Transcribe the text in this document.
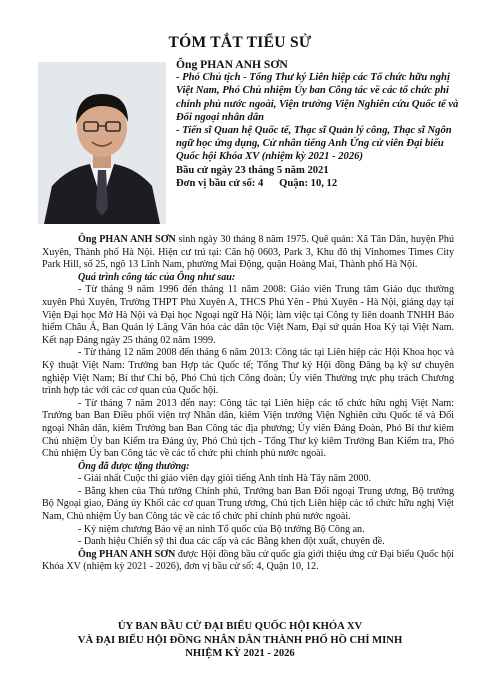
TÓM TẮT TIỂU SỬ
Ông PHAN ANH SƠN
- Phó Chủ tịch - Tổng Thư ký Liên hiệp các Tổ chức hữu nghị Việt Nam, Phó Chủ nhiệm Ủy ban Công tác về các tổ chức phi chính phủ nước ngoài, Viện trưởng Viện Nghiên cứu Quốc tế và Đối ngoại nhân dân
- Tiến sĩ Quan hệ Quốc tế, Thạc sĩ Quản lý công, Thạc sĩ Ngôn ngữ học ứng dụng, Cử nhân tiếng Anh Ứng cử viên Đại biểu Quốc hội Khóa XV (nhiệm kỳ 2021 - 2026)
Bầu cử ngày 23 tháng 5 năm 2021
Đơn vị bầu cử số: 4      Quận: 10, 12

Ông PHAN ANH SƠN sinh ngày 30 tháng 8 năm 1975. Quê quán: Xã Tân Dân, huyện Phú Xuyên, Thành phố Hà Nội. Hiện cư trú tại: Căn hộ 0603, Park 3, Khu đô thị Vinhomes Times City Park Hill, số 25, ngõ 13 Lĩnh Nam, phường Mai Động, quận Hoàng Mai, Thành phố Hà Nội.

Quá trình công tác của Ông như sau:

- Từ tháng 9 năm 1996 đến tháng 11 năm 2008: Giáo viên Trung tâm Giáo dục thường xuyên Phú Xuyên, Trường THPT Phú Xuyên A, THCS Phú Yên - Phú Xuyên - Hà Nội, giảng dạy tại Viện Đại học Mở Hà Nội và Đại học Ngoại ngữ Hà Nội; làm việc tại Công ty liên doanh TNHH Bảo hiểm Châu Á, Ban Quản lý Lăng Văn hóa các dân tộc Việt Nam, Đại sứ quán Hoa Kỳ tại Việt Nam. Kết nạp Đảng ngày 25 tháng 02 năm 1999.

- Từ tháng 12 năm 2008 đến tháng 6 năm 2013: Công tác tại Liên hiệp các Hội Khoa học và Kỹ thuật Việt Nam: Trưởng ban Hợp tác Quốc tế; Tổng Thư ký Hội đồng Đăng bạ kỹ sư chuyên nghiệp Việt Nam; Bí thư Chi bộ, Phó Chủ tịch Công đoàn; Ủy viên Thường trực phụ trách Chương trình hợp tác với các cơ quan của Quốc hội.

- Từ tháng 7 năm 2013 đến nay: Công tác tại Liên hiệp các tổ chức hữu nghị Việt Nam: Trưởng ban Ban Điều phối viện trợ Nhân dân, kiêm Viện trưởng Viện Nghiên cứu Quốc tế và Đối ngoại Nhân dân, kiêm Trưởng ban Ban Công tác địa phương; Ủy viên Đảng Đoàn, Phó Bí thư kiêm Chủ nhiệm Ủy ban Kiểm tra Đảng ủy, Phó Chủ tịch - Tổng Thư ký kiêm Trưởng Ban Kiểm tra, Phó Chủ nhiệm Ủy ban Công tác về các tổ chức phi chính phủ nước ngoài.

Ông đã được tặng thưởng:

- Giải nhất Cuộc thi giáo viên dạy giỏi tiếng Anh tỉnh Hà Tây năm 2000.

- Bằng khen của Thủ tướng Chính phủ, Trưởng ban Ban Đối ngoại Trung ương, Bộ trưởng Bộ Ngoại giao, Đảng ủy Khối các cơ quan Trung ương, Chủ tịch Liên hiệp các tổ chức hữu nghị Việt Nam, Chủ nhiệm Ủy ban Công tác về các tổ chức phi chính phủ nước ngoài.

- Kỷ niệm chương Bảo vệ an ninh Tổ quốc của Bộ trưởng Bộ Công an.

- Danh hiệu Chiến sỹ thi đua các cấp và các Bằng khen đột xuất, chuyên đề.

Ông PHAN ANH SƠN được Hội đồng bầu cử quốc gia giới thiệu ứng cử Đại biểu Quốc hội Khóa XV (nhiệm kỳ 2021 - 2026), đơn vị bầu cử số: 4, Quận 10, 12.

ỦY BAN BẦU CỬ ĐẠI BIỂU QUỐC HỘI KHÓA XV
VÀ ĐẠI BIỂU HỘI ĐỒNG NHÂN DÂN THÀNH PHỐ HỒ CHÍ MINH
NHIỆM KỲ 2021 - 2026
